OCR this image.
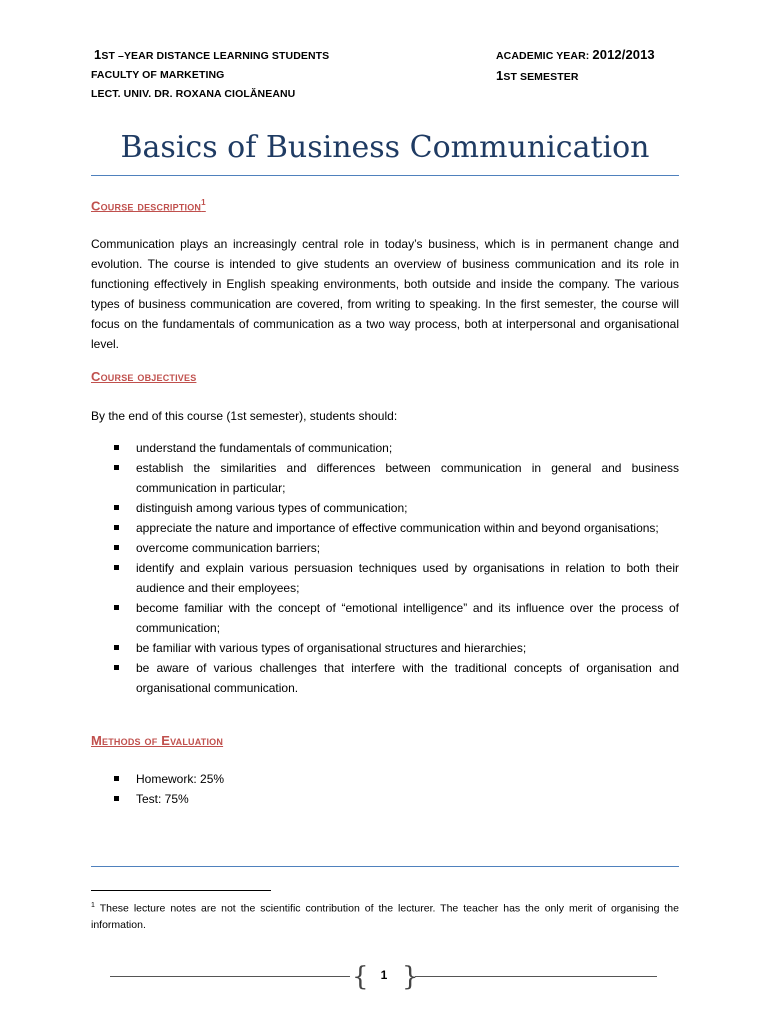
1ST –YEAR DISTANCE LEARNING STUDENTS
FACULTY OF MARKETING
LECT. UNIV. DR. ROXANA CIOLĂNEANU
ACADEMIC YEAR: 2012/2013
1ST SEMESTER
Basics of Business Communication
Course description$^1$
Communication plays an increasingly central role in today’s business, which is in permanent change and evolution. The course is intended to give students an overview of business communication and its role in functioning effectively in English speaking environments, both outside and inside the company. The various types of business communication are covered, from writing to speaking. In the first semester, the course will focus on the fundamentals of communication as a two way process, both at interpersonal and organisational level.
Course objectives
By the end of this course (1st semester), students should:
understand the fundamentals of communication;
establish the similarities and differences between communication in general and business communication in particular;
distinguish among various types of communication;
appreciate the nature and importance of effective communication within and beyond organisations;
overcome communication barriers;
identify and explain various persuasion techniques used by organisations in relation to both their audience and their employees;
become familiar with the concept of “emotional intelligence” and its influence over the process of communication;
be familiar with various types of organisational structures and hierarchies;
be aware of various challenges that interfere with the traditional concepts of organisation and organisational communication.
Methods of Evaluation
Homework: 25%
Test: 75%
$^1$ These lecture notes are not the scientific contribution of the lecturer. The teacher has the only merit of organising the information.
{	1 }
